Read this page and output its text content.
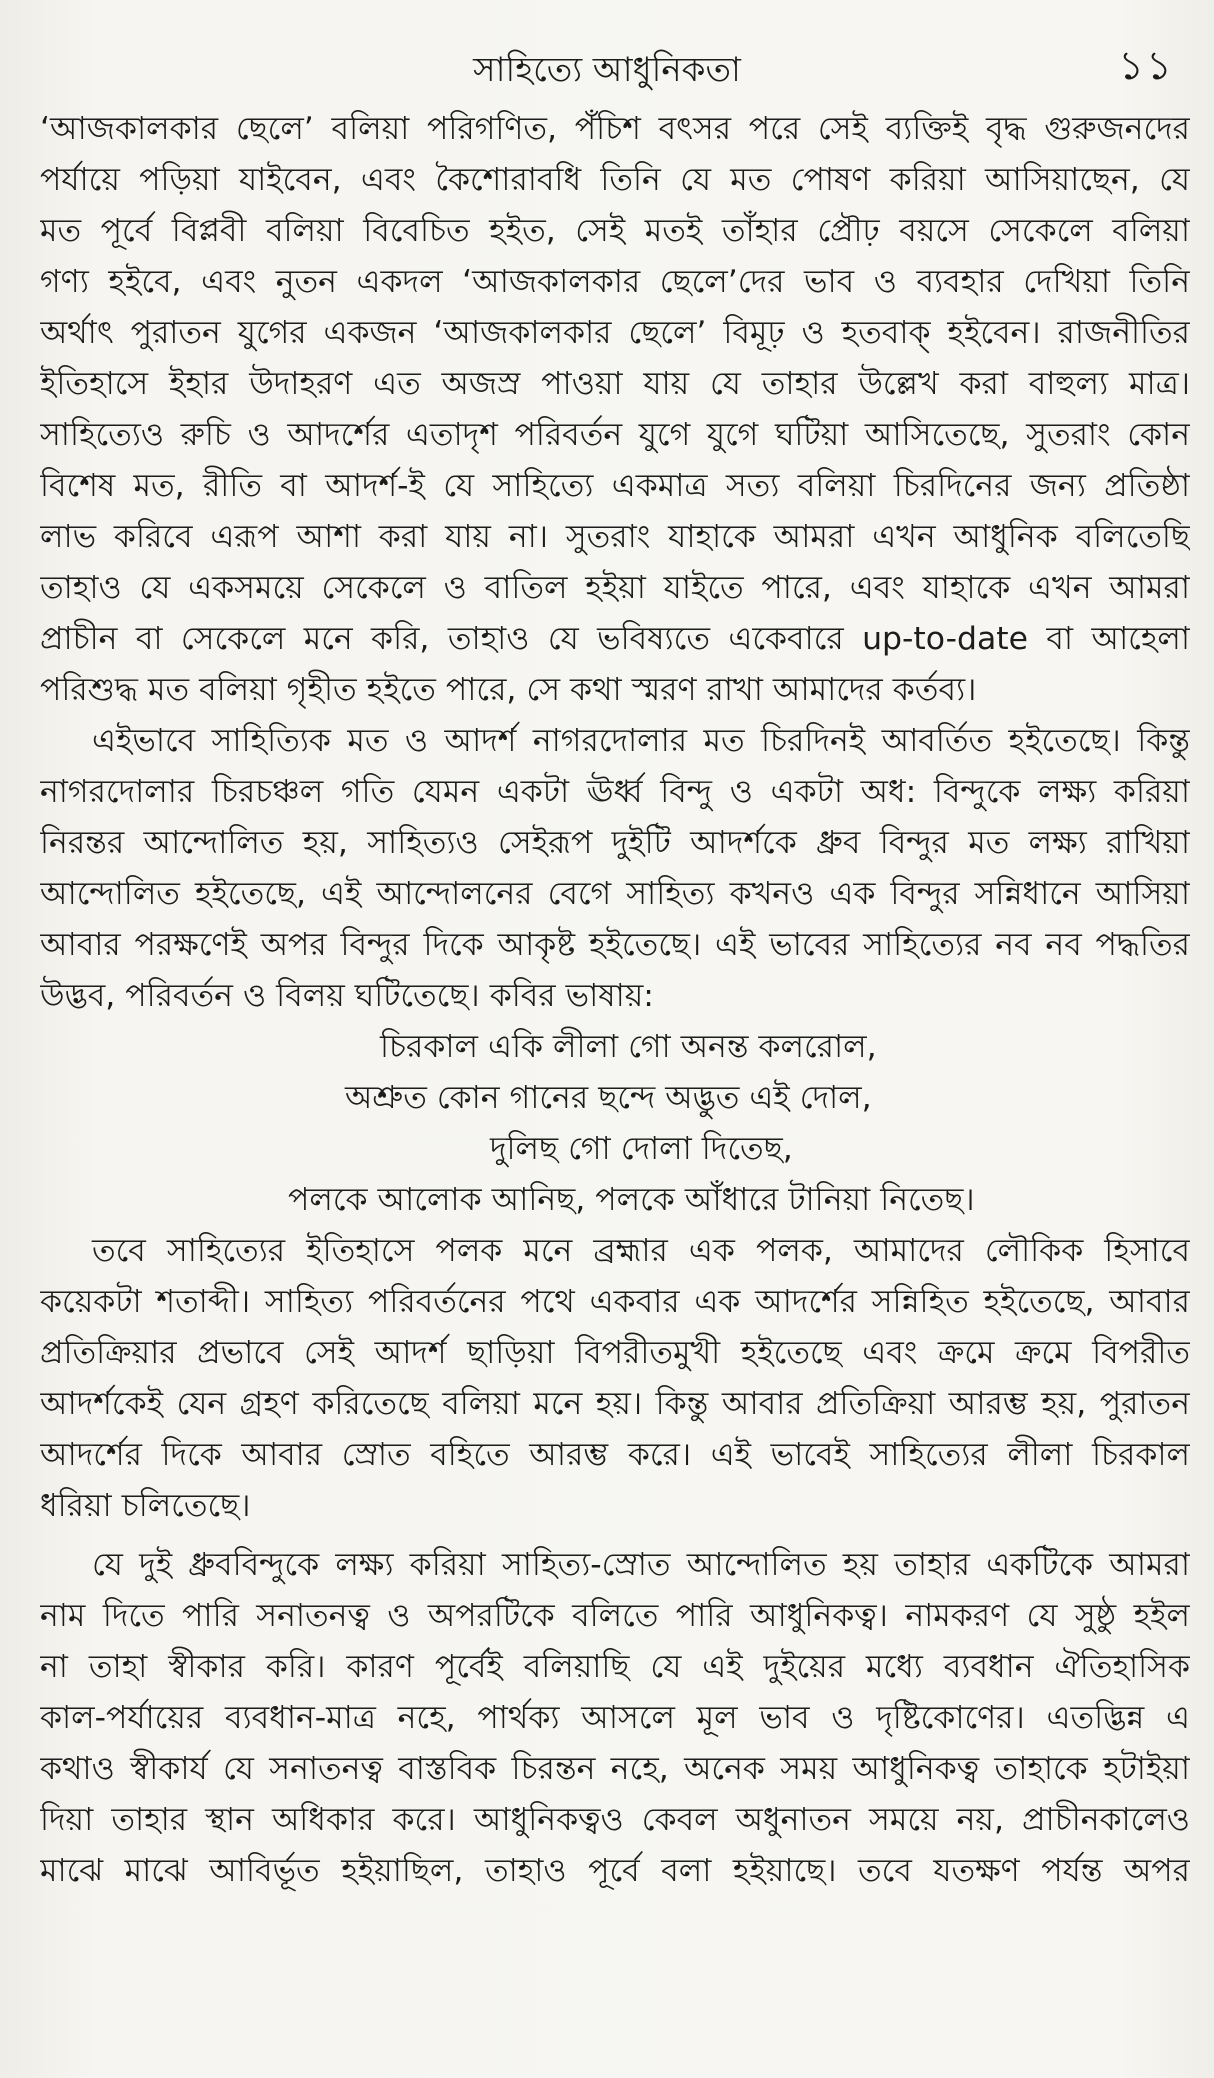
সাহিত্যে আধুনিকতা	১১
‘আজকালকার ছেলে’ বলিয়া পরিগণিত, পঁচিশ বৎসর পরে সেই ব্যক্তিই বৃদ্ধ গুরুজনদের
পর্যায়ে পড়িয়া যাইবেন, এবং কৈশোরাবধি তিনি যে মত পোষণ করিয়া আসিয়াছেন, যে
মত পূর্বে বিপ্লবী বলিয়া বিবেচিত হইত, সেই মতই তাঁহার প্রৌঢ় বয়সে সেকেলে বলিয়া
গণ্য হইবে, এবং নুতন একদল ‘আজকালকার ছেলে’দের ভাব ও ব্যবহার দেখিয়া তিনি
অর্থাৎ পুরাতন যুগের একজন ‘আজকালকার ছেলে’ বিমূঢ় ও হতবাক্ হইবেন। রাজনীতির
ইতিহাসে ইহার উদাহরণ এত অজস্র পাওয়া যায় যে তাহার উল্লেখ করা বাহুল্য মাত্র।
সাহিত্যেও রুচি ও আদর্শের এতাদৃশ পরিবর্তন যুগে যুগে ঘটিয়া আসিতেছে, সুতরাং কোন
বিশেষ মত, রীতি বা আদর্শ-ই যে সাহিত্যে একমাত্র সত্য বলিয়া চিরদিনের জন্য প্রতিষ্ঠা
লাভ করিবে এরূপ আশা করা যায় না। সুতরাং যাহাকে আমরা এখন আধুনিক বলিতেছি
তাহাও যে একসময়ে সেকেলে ও বাতিল হইয়া যাইতে পারে, এবং যাহাকে এখন আমরা
প্রাচীন বা সেকেলে মনে করি, তাহাও যে ভবিষ্যতে একেবারে up-to-date বা আহেলা
পরিশুদ্ধ মত বলিয়া গৃহীত হইতে পারে, সে কথা স্মরণ রাখা আমাদের কর্তব্য।
এইভাবে সাহিত্যিক মত ও আদর্শ নাগরদোলার মত চিরদিনই আবর্তিত হইতেছে। কিন্তু
নাগরদোলার চিরচঞ্চল গতি যেমন একটা ঊর্ধ্ব বিন্দু ও একটা অধ: বিন্দুকে লক্ষ্য করিয়া
নিরন্তর আন্দোলিত হয়, সাহিত্যও সেইরূপ দুইটি আদর্শকে ধ্রুব বিন্দুর মত লক্ষ্য রাখিয়া
আন্দোলিত হইতেছে, এই আন্দোলনের বেগে সাহিত্য কখনও এক বিন্দুর সন্নিধানে আসিয়া
আবার পরক্ষণেই অপর বিন্দুর দিকে আকৃষ্ট হইতেছে। এই ভাবের সাহিত্যের নব নব পদ্ধতির
উদ্ভব, পরিবর্তন ও বিলয় ঘটিতেছে। কবির ভাষায়:
চিরকাল একি লীলা গো অনন্ত কলরোল,
অশ্রুত কোন গানের ছন্দে অদ্ভুত এই দোল,
দুলিছ গো দোলা দিতেছ,
পলকে আলোক আনিছ, পলকে আঁধারে টানিয়া নিতেছ।
তবে সাহিত্যের ইতিহাসে পলক মনে ব্রহ্মার এক পলক, আমাদের লৌকিক হিসাবে
কয়েকটা শতাব্দী। সাহিত্য পরিবর্তনের পথে একবার এক আদর্শের সন্নিহিত হইতেছে, আবার
প্রতিক্রিয়ার প্রভাবে সেই আদর্শ ছাড়িয়া বিপরীতমুখী হইতেছে এবং ক্রমে ক্রমে বিপরীত
আদর্শকেই যেন গ্রহণ করিতেছে বলিয়া মনে হয়। কিন্তু আবার প্রতিক্রিয়া আরম্ভ হয়, পুরাতন
আদর্শের দিকে আবার স্রোত বহিতে আরম্ভ করে। এই ভাবেই সাহিত্যের লীলা চিরকাল
ধরিয়া চলিতেছে।
যে দুই ধ্রুববিন্দুকে লক্ষ্য করিয়া সাহিত্য-স্রোত আন্দোলিত হয় তাহার একটিকে আমরা
নাম দিতে পারি সনাতনত্ব ও অপরটিকে বলিতে পারি আধুনিকত্ব। নামকরণ যে সুষ্ঠু হইল
না তাহা স্বীকার করি। কারণ পূর্বেই বলিয়াছি যে এই দুইয়ের মধ্যে ব্যবধান ঐতিহাসিক
কাল-পর্যায়ের ব্যবধান-মাত্র নহে, পার্থক্য আসলে মূল ভাব ও দৃষ্টিকোণের। এতদ্ভিন্ন এ
কথাও স্বীকার্য যে সনাতনত্ব বাস্তবিক চিরন্তন নহে, অনেক সময় আধুনিকত্ব তাহাকে হটাইয়া
দিয়া তাহার স্থান অধিকার করে। আধুনিকত্বও কেবল অধুনাতন সময়ে নয়, প্রাচীনকালেও
মাঝে মাঝে আবির্ভূত হইয়াছিল, তাহাও পূর্বে বলা হইয়াছে। তবে যতক্ষণ পর্যন্ত অপর
